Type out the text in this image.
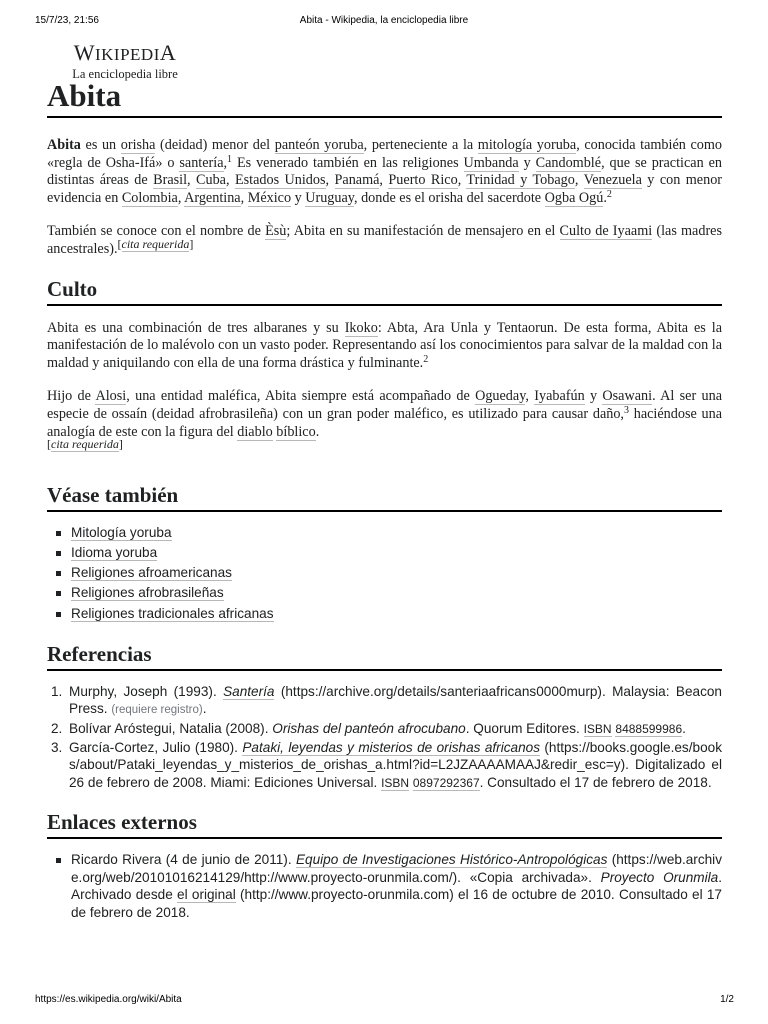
15/7/23, 21:56	Abita - Wikipedia, la enciclopedia libre
WIKIPEDIA
La enciclopedia libre
Abita

Abita es un orisha (deidad) menor del panteón yoruba, perteneciente a la mitología yoruba, conocida también como «regla de Osha-Ifá» o santería,$^1$ Es venerado también en las religiones Umbanda y Candomblé, que se practican en distintas áreas de Brasil, Cuba, Estados Unidos, Panamá, Puerto Rico, Trinidad y Tobago, Venezuela y con menor evidencia en Colombia, Argentina, México y Uruguay, donde es el orisha del sacerdote Ogba Ogú.$^2$

También se conoce con el nombre de Èsù; Abita en su manifestación de mensajero en el Culto de Iyaami (las madres ancestrales).[cita requerida]

Culto

Abita es una combinación de tres albaranes y su Ikoko: Abta, Ara Unla y Tentaorun. De esta forma, Abita es la manifestación de lo malévolo con un vasto poder. Representando así los conocimientos para salvar de la maldad con la maldad y aniquilando con ella de una forma drástica y fulminante.$^2$

Hijo de Alosi, una entidad maléfica, Abita siempre está acompañado de Ogueday, Iyabafún y Osawani. Al ser una especie de ossaín (deidad afrobrasileña) con un gran poder maléfico, es utilizado para causar daño,$^3$ haciéndose una analogía de este con la figura del diablo bíblico.
[cita requerida]

Véase también
Mitología yoruba
Idioma yoruba
Religiones afroamericanas
Religiones afrobrasileñas
Religiones tradicionales africanas
Referencias
1. Murphy, Joseph (1993). Santería (https://archive.org/details/santeriaafricans0000murp). Malaysia: Beacon Press. (requiere registro).
2. Bolívar Aróstegui, Natalia (2008). Orishas del panteón afrocubano. Quorum Editores. ISBN 8488599986.
3. García-Cortez, Julio (1980). Pataki, leyendas y misterios de orishas africanos (https://books.google.es/books/about/Pataki_leyendas_y_misterios_de_orishas_a.html?id=L2JZAAAAMAAJ&redir_esc=y). Digitalizado el 26 de febrero de 2008. Miami: Ediciones Universal. ISBN 0897292367. Consultado el 17 de febrero de 2018.
Enlaces externos
Ricardo Rivera (4 de junio de 2011). Equipo de Investigaciones Histórico-Antropológicas (https://web.archive.org/web/20101016214129/http://www.proyecto-orunmila.com/). «Copia archivada». Proyecto Orunmila. Archivado desde el original (http://www.proyecto-orunmila.com) el 16 de octubre de 2010. Consultado el 17 de febrero de 2018.
https://es.wikipedia.org/wiki/Abita	1/2
